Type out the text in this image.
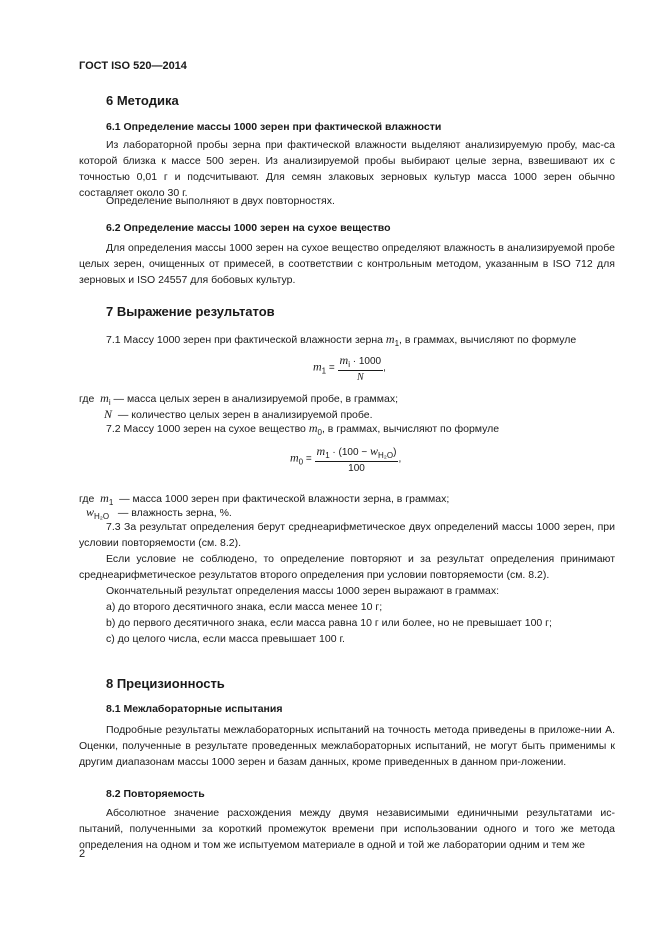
ГОСТ ISO 520—2014
6 Методика
6.1 Определение массы 1000 зерен при фактической влажности
Из лабораторной пробы зерна при фактической влажности выделяют анализируемую пробу, мас-са которой близка к массе 500 зерен. Из анализируемой пробы выбирают целые зерна, взвешивают их с точностью 0,01 г и подсчитывают. Для семян злаковых зерновых культур масса 1000 зерен обычно составляет около 30 г.
Определение выполняют в двух повторностях.
6.2 Определение массы 1000 зерен на сухое вещество
Для определения массы 1000 зерен на сухое вещество определяют влажность в анализируемой пробе целых зерен, очищенных от примесей, в соответствии с контрольным методом, указанным в ISO 712 для зерновых и ISO 24557 для бобовых культур.
7 Выражение результатов
7.1 Массу 1000 зерен при фактической влажности зерна $m_1$, в граммах, вычисляют по формуле
$m_1 = \frac{m_i \cdot 1000}{N}$ ,
где $m_i$ — масса целых зерен в анализируемой пробе, в граммах;
N — количество целых зерен в анализируемой пробе.
7.2 Массу 1000 зерен на сухое вещество $m_0$, в граммах, вычисляют по формуле
$m_0 = \frac{m_1 \cdot (100 - w_{H_2O})}{100}$ ,
где $m_1$ — масса 1000 зерен при фактической влажности зерна, в граммах;
$w_{H_2O}$ — влажность зерна, %.
7.3 За результат определения берут среднеарифметическое двух определений массы 1000 зерен, при условии повторяемости (см. 8.2).
Если условие не соблюдено, то определение повторяют и за результат определения принимают среднеарифметическое результатов второго определения при условии повторяемости (см. 8.2).
Окончательный результат определения массы 1000 зерен выражают в граммах:
a) до второго десятичного знака, если масса менее 10 г;
b) до первого десятичного знака, если масса равна 10 г или более, но не превышает 100 г;
c) до целого числа, если масса превышает 100 г.
8 Прецизионность
8.1 Межлабораторные испытания
Подробные результаты межлабораторных испытаний на точность метода приведены в приложе-нии А. Оценки, полученные в результате проведенных межлабораторных испытаний, не могут быть применимы к другим диапазонам массы 1000 зерен и базам данных, кроме приведенных в данном при-ложении.
8.2 Повторяемость
Абсолютное значение расхождения между двумя независимыми единичными результатами ис-пытаний, полученными за короткий промежуток времени при использовании одного и того же метода определения на одном и том же испытуемом материале в одной и той же лаборатории одним и тем же
2
